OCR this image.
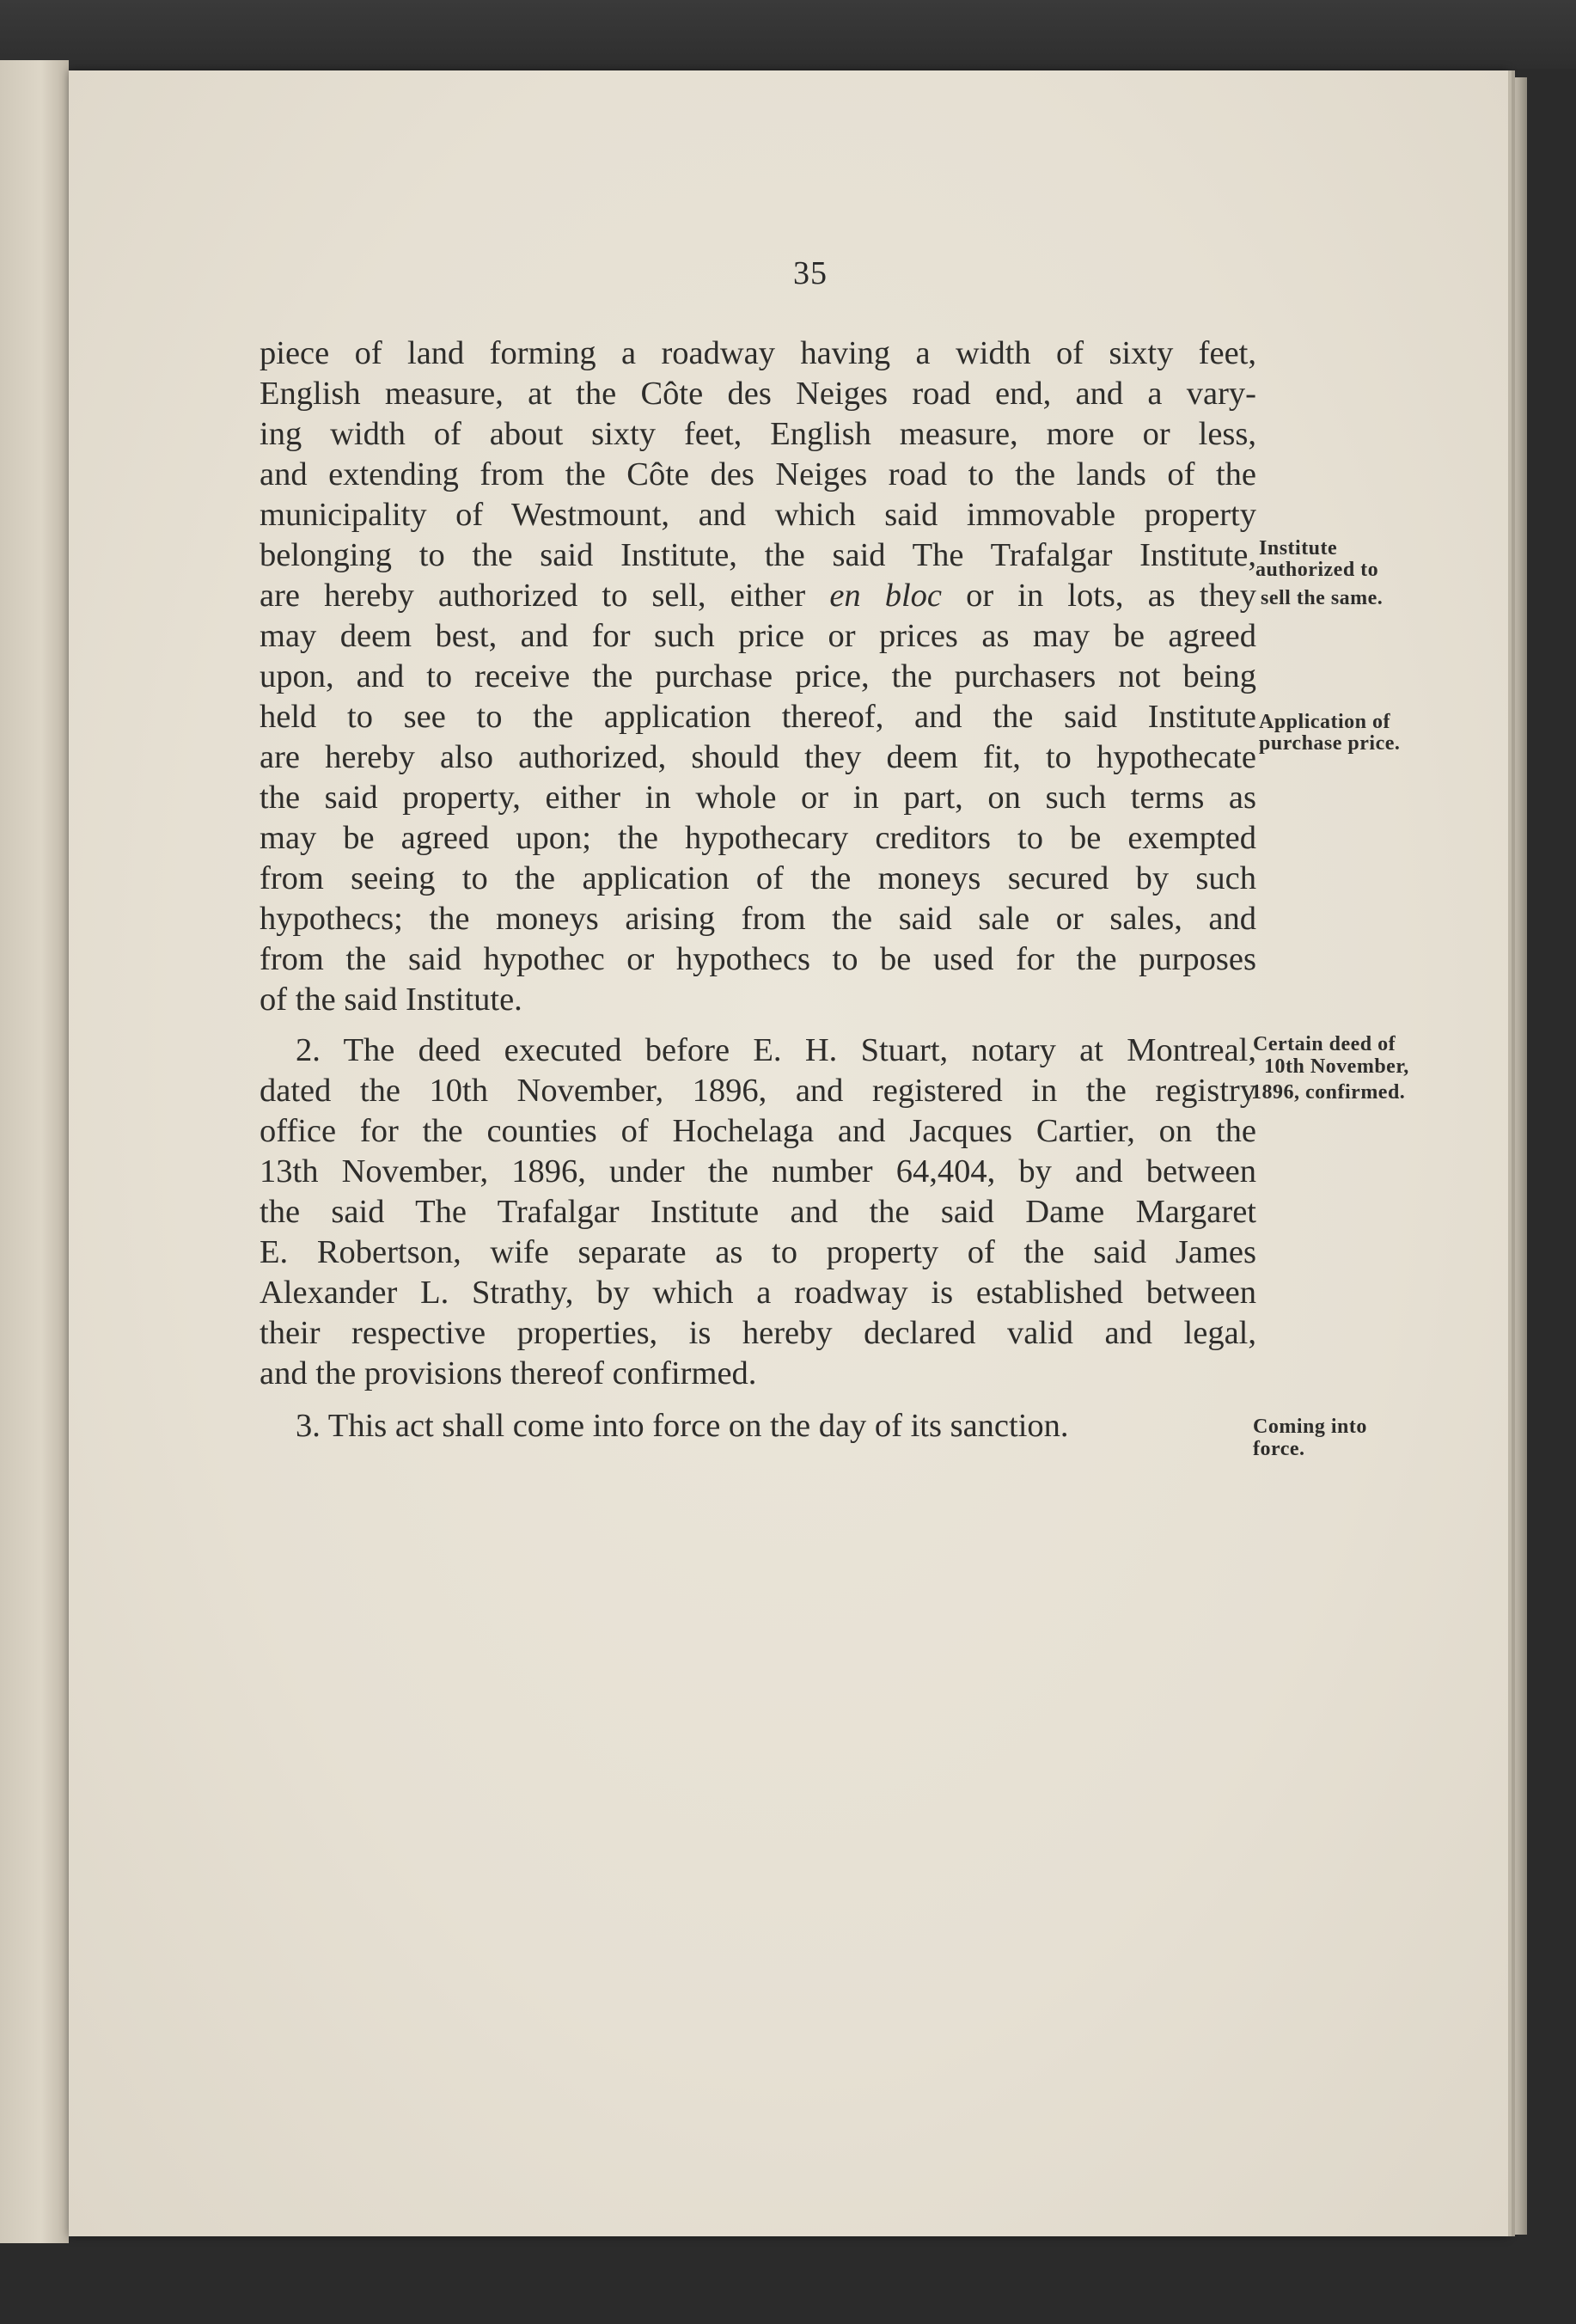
35
piece of land forming a roadway having a width of sixty feet,
English measure, at the Côte des Neiges road end, and a vary-
ing width of about sixty feet, English measure, more or less,
and extending from the Côte des Neiges road to the lands of the
municipality of Westmount, and which said immovable property
belonging to the said Institute, the said The Trafalgar Institute,
are hereby authorized to sell, either en bloc or in lots, as they
may deem best, and for such price or prices as may be agreed
upon, and to receive the purchase price, the purchasers not being
held to see to the application thereof, and the said Institute
are hereby also authorized, should they deem fit, to hypothecate
the said property, either in whole or in part, on such terms as
may be agreed upon; the hypothecary creditors to be exempted
from seeing to the application of the moneys secured by such
hypothecs; the moneys arising from the said sale or sales, and
from the said hypothec or hypothecs to be used for the purposes
of the said Institute.
2. The deed executed before E. H. Stuart, notary at Montreal,
dated the 10th November, 1896, and registered in the registry
office for the counties of Hochelaga and Jacques Cartier, on the
13th November, 1896, under the number 64,404, by and between
the said The Trafalgar Institute and the said Dame Margaret
E. Robertson, wife separate as to property of the said James
Alexander L. Strathy, by which a roadway is established between
their respective properties, is hereby declared valid and legal,
and the provisions thereof confirmed.
3. This act shall come into force on the day of its sanction.
Institute
authorized to
sell the same.
Application of
purchase price.
Certain deed of
10th November,
1896, confirmed.
Coming into
force.
